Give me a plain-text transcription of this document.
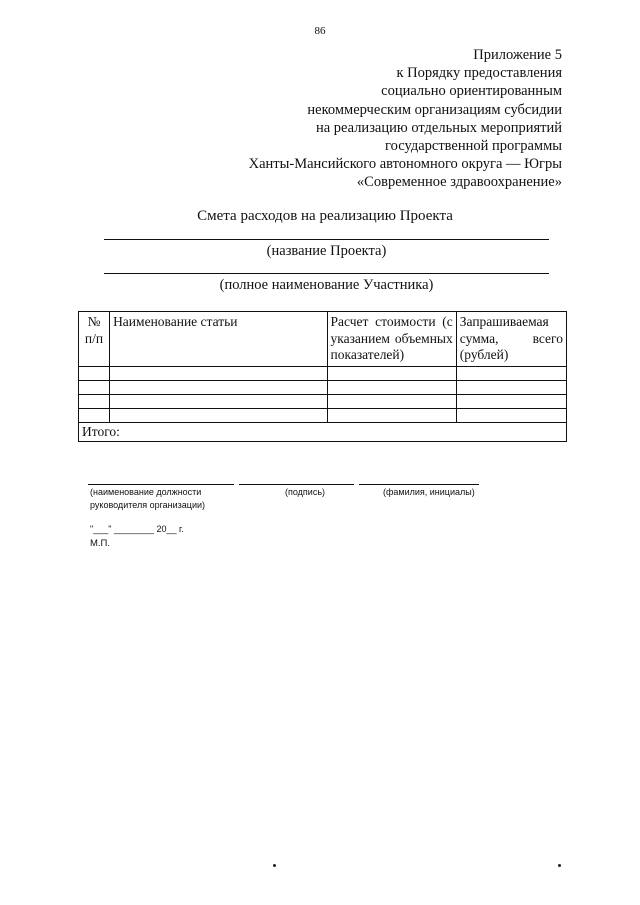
86
Приложение 5
к Порядку предоставления
социально ориентированным
некоммерческим организациям субсидии
на реализацию отдельных мероприятий
государственной программы
Ханты-Мансийского автономного округа — Югры
«Современное здравоохранение»
Смета расходов на реализацию Проекта
(название Проекта)
(полное наименование Участника)
№ п/п	Наименование статьи	Расчет стоимости (с указанием объемных показателей)	Запрашиваемая сумма, всего (рублей)

Итого:			
(наименование должности руководителя организации)
(подпись)	(фамилия, инициалы)
"___" ________ 20__ г.
М.П.
